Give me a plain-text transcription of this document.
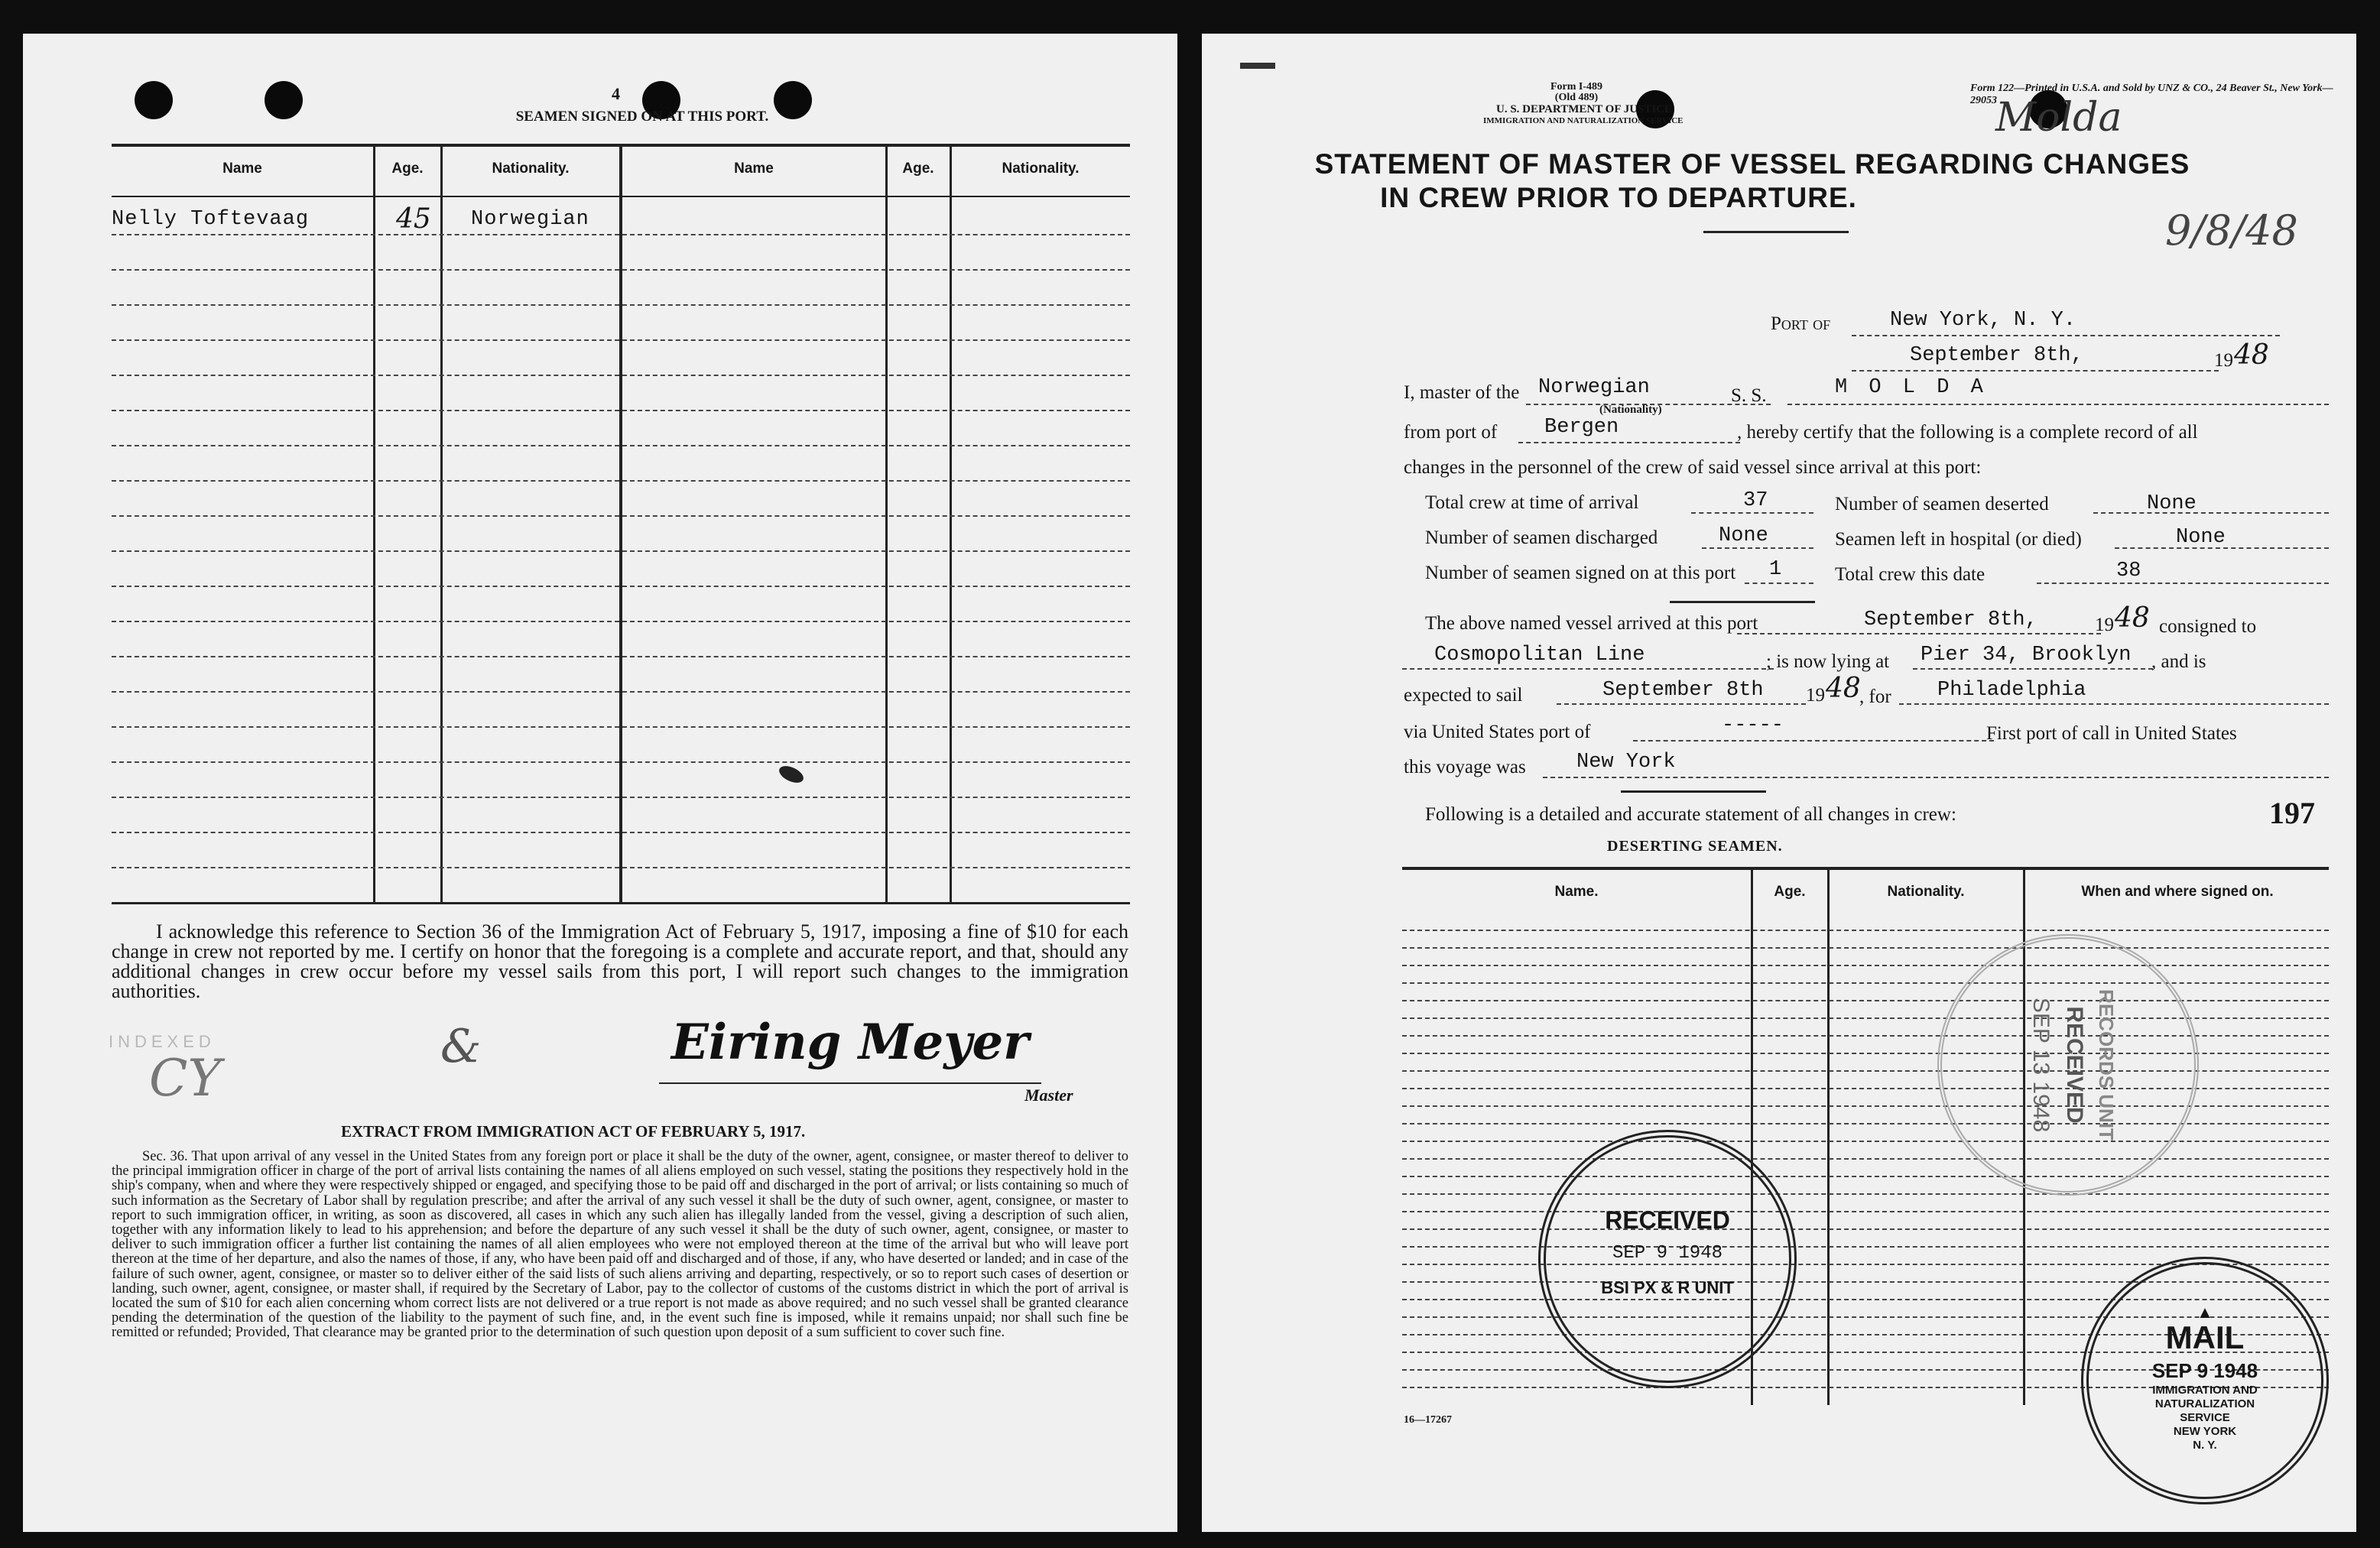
4
SEAMEN SIGNED ON AT THIS PORT.
Name	Age.	Nationality.	Name	Age.	Nationality.
Nelly Toftevaag	45 Norwegian
I acknowledge this reference to Section 36 of the Immigration Act of February 5, 1917, imposing a fine of $10 for each change in crew not reported by me. I certify on honor that the foregoing is a complete and accurate report, and that, should any additional changes in crew occur before my vessel sails from this port, I will report such changes to the immigration authorities.
INDEXED
CY
&	Eiring Meyer
Master
EXTRACT FROM IMMIGRATION ACT OF FEBRUARY 5, 1917.
Sec. 36. That upon arrival of any vessel in the United States from any foreign port or place it shall be the duty of the owner, agent, consignee, or master thereof to deliver to the principal immigration officer in charge of the port of arrival lists containing the names of all aliens employed on such vessel, stating the positions they respectively hold in the ship's company, when and where they were respectively shipped or engaged, and specifying those to be paid off and discharged in the port of arrival; or lists containing so much of such information as the Secretary of Labor shall by regulation prescribe; and after the arrival of any such vessel it shall be the duty of such owner, agent, consignee, or master to report to such immigration officer, in writing, as soon as discovered, all cases in which any such alien has illegally landed from the vessel, giving a description of such alien, together with any information likely to lead to his apprehension; and before the departure of any such vessel it shall be the duty of such owner, agent, consignee, or master to deliver to such immigration officer a further list containing the names of all alien employees who were not employed thereon at the time of the arrival but who will leave port thereon at the time of her departure, and also the names of those, if any, who have been paid off and discharged and of those, if any, who have deserted or landed; and in case of the failure of such owner, agent, consignee, or master so to deliver either of the said lists of such aliens arriving and departing, respectively, or so to report such cases of desertion or landing, such owner, agent, consignee, or master shall, if required by the Secretary of Labor, pay to the collector of customs of the customs district in which the port of arrival is located the sum of $10 for each alien concerning whom correct lists are not delivered or a true report is not made as above required; and no such vessel shall be granted clearance pending the determination of the question of the liability to the payment of such fine, and, in the event such fine is imposed, while it remains unpaid; nor shall such fine be remitted or refunded; Provided, That clearance may be granted prior to the determination of such question upon deposit of a sum sufficient to cover such fine.
Form I-489
(Old 489)
U. S. DEPARTMENT OF JUSTICE
IMMIGRATION AND NATURALIZATION SERVICE
Form 122—Printed in U.S.A. and Sold by UNZ & CO., 24 Beaver St., New York—29053
Molda
9/8/48
STATEMENT OF MASTER OF VESSEL REGARDING CHANGES
IN CREW PRIOR TO DEPARTURE.
Port of	New York, N. Y.
September 8th,	19 48
I, master of the Norwegian
(Nationality)
S. S.	M O L D A
from port of Bergen	, hereby certify that the following is a complete record of all
changes in the personnel of the crew of said vessel since arrival at this port:
Total crew at time of arrival	37	Number of seamen deserted	None
Number of seamen discharged	None	Seamen left in hospital (or died)	None
Number of seamen signed on at this port 1	Total crew this date	38
The above named vessel arrived at this port	September 8th,	19 48 consigned to
Cosmopolitan Line	; is now lying at Pier 34, Brooklyn , and is
expected to sail	September 8th 19 48
, for Philadelphia
via United States port of	-----	First port of call in United States
this voyage was New York
Following is a detailed and accurate statement of all changes in crew:	197
DESERTING SEAMEN.
Name.	Age.	Nationality.	When and where signed on.
16—17267
RECORDS UNIT
RECEIVED
SEP 13 1948
RECEIVED
SEP 9 1948
BSI PX & R UNIT
▲
MAIL
SEP 9 1948
IMMIGRATION AND
NATURALIZATION
SERVICE
NEW YORK
N. Y.
